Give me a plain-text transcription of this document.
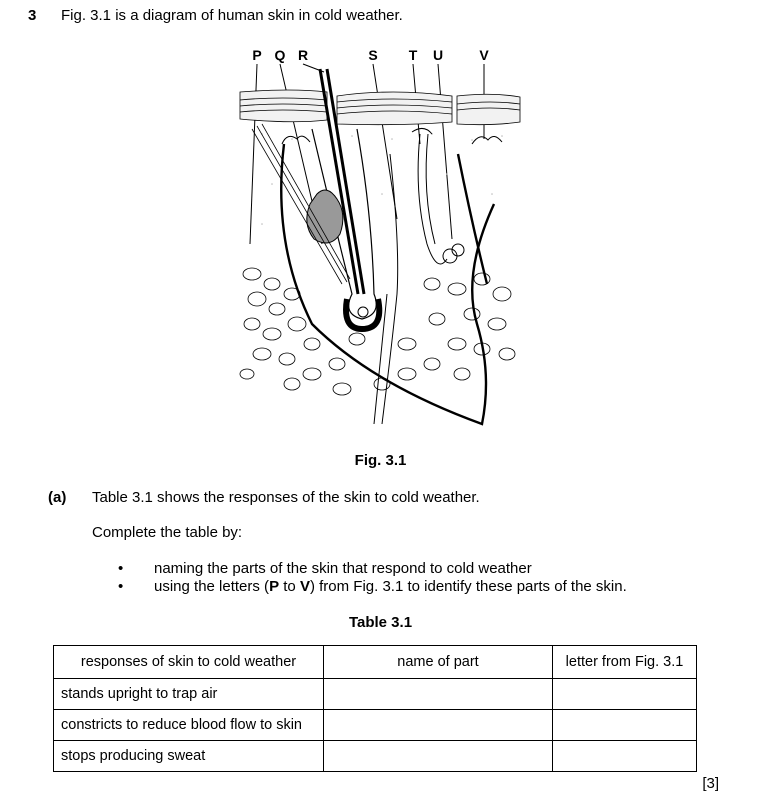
3 Fig. 3.1 is a diagram of human skin in cold weather.
P Q R	S T U	V
Fig. 3.1
(a) Table 3.1 shows the responses of the skin to cold weather.
Complete the table by:
•	naming the parts of the skin that respond to cold weather
•	using the letters (P to V) from Fig. 3.1 to identify these parts of the skin.
Table 3.1
responses of skin to cold weather	name of part	letter from Fig. 3.1
stands upright to trap air		
constricts to reduce blood flow to skin		
stops producing sweat		
[3]
